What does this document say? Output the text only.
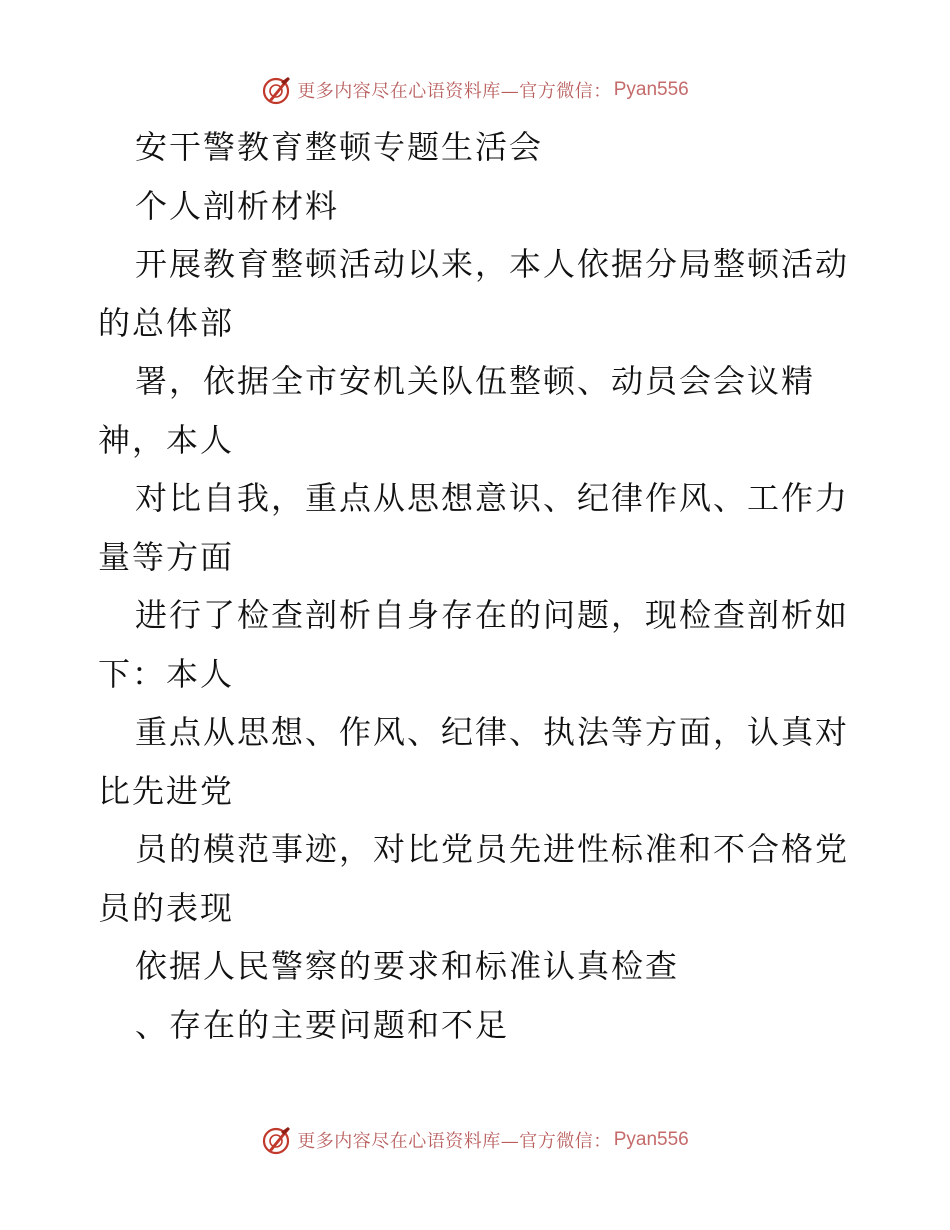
更多内容尽在心语资料库—官方微信： Pyan556
安干警教育整顿专题生活会
个人剖析材料
开展教育整顿活动以来，本人依据分局整顿活动
的总体部
署，依据全市安机关队伍整顿、动员会会议精
神，本人
对比自我，重点从思想意识、纪律作风、工作力
量等方面
进行了检查剖析自身存在的问题，现检查剖析如
下：本人
重点从思想、作风、纪律、执法等方面，认真对
比先进党
员的模范事迹，对比党员先进性标准和不合格党
员的表现
依据人民警察的要求和标准认真检查
、存在的主要问题和不足
更多内容尽在心语资料库—官方微信： Pyan556
